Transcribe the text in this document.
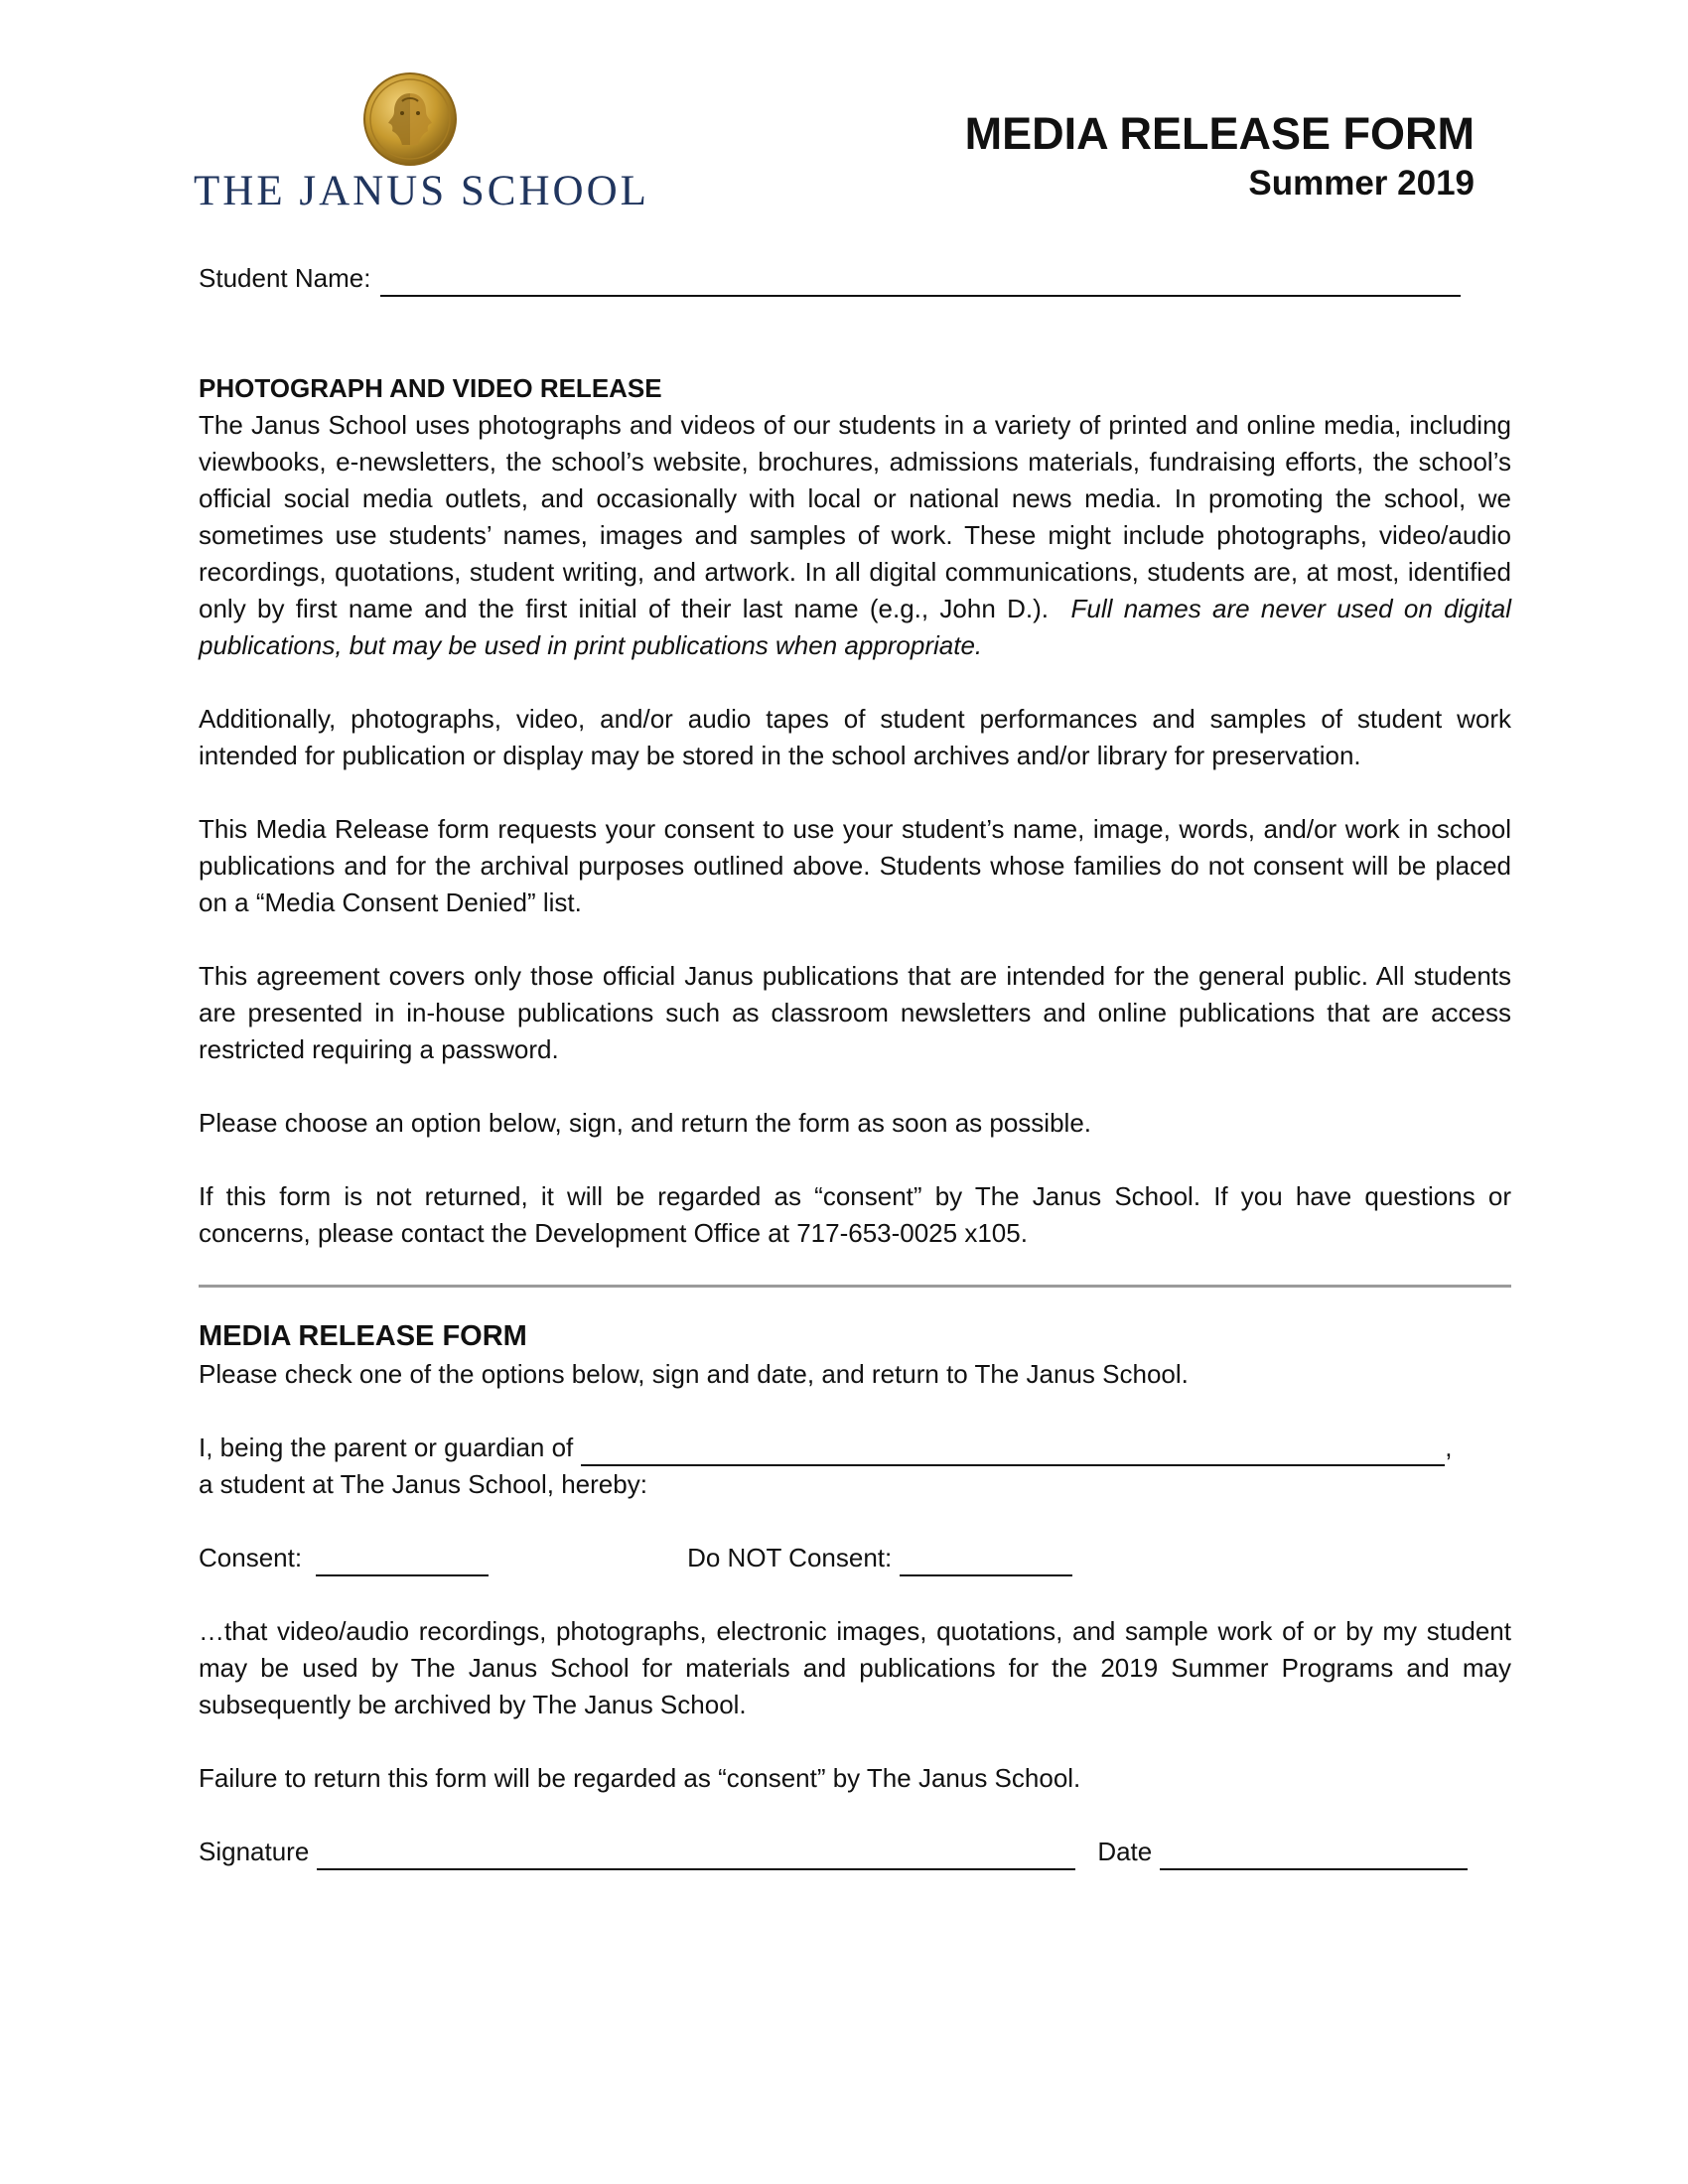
THE JANUS SCHOOL
MEDIA RELEASE FORM
Summer 2019
Student Name:
PHOTOGRAPH AND VIDEO RELEASE

The Janus School uses photographs and videos of our students in a variety of printed and online media, including viewbooks, e-newsletters, the school’s website, brochures, admissions materials, fundraising efforts, the school’s official social media outlets, and occasionally with local or national news media. In promoting the school, we sometimes use students’ names, images and samples of work. These might include photographs, video/audio recordings, quotations, student writing, and artwork. In all digital communications, students are, at most, identified only by first name and the first initial of their last name (e.g., John D.). Full names are never used on digital publications, but may be used in print publications when appropriate.

Additionally, photographs, video, and/or audio tapes of student performances and samples of student work intended for publication or display may be stored in the school archives and/or library for preservation.

This Media Release form requests your consent to use your student’s name, image, words, and/or work in school publications and for the archival purposes outlined above. Students whose families do not consent will be placed on a “Media Consent Denied” list.

This agreement covers only those official Janus publications that are intended for the general public. All students are presented in in-house publications such as classroom newsletters and online publications that are access restricted requiring a password.

Please choose an option below, sign, and return the form as soon as possible.

If this form is not returned, it will be regarded as “consent” by The Janus School. If you have questions or concerns, please contact the Development Office at 717-653-0025 x105.

MEDIA RELEASE FORM

Please check one of the options below, sign and date, and return to The Janus School.

I, being the parent or guardian of	,

a student at The Janus School, hereby:

Consent:	Do NOT Consent:

…that video/audio recordings, photographs, electronic images, quotations, and sample work of or by my student may be used by The Janus School for materials and publications for the 2019 Summer Programs and may subsequently be archived by The Janus School.

Failure to return this form will be regarded as “consent” by The Janus School.

Signature	Date
